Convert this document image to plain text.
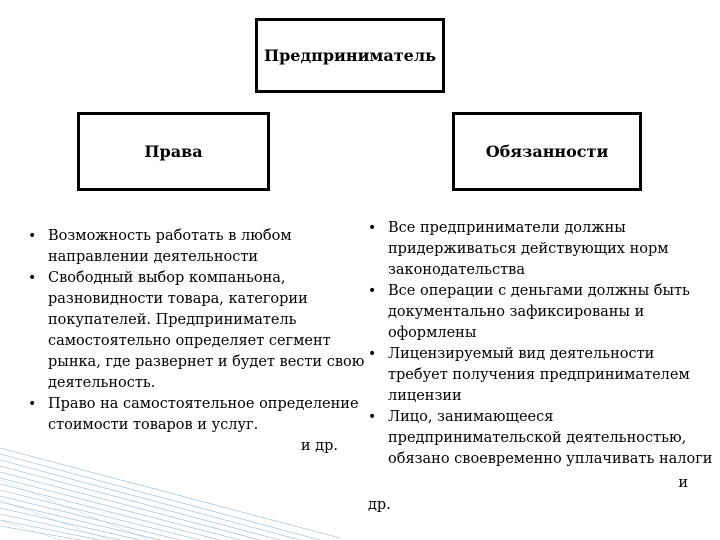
Предприниматель
Права	Обязанности
• Возможность работать в любом направлении деятельности
• Свободный выбор компаньона, разновидности товара, категории покупателей. Предприниматель самостоятельно определяет сегмент рынка, где развернет и будет вести свою деятельность.
• Право на самостоятельное определение стоимости товаров и услуг.
и др.
• Все предприниматели должны придерживаться действующих норм законодательства
• Все операции с деньгами должны быть документально зафиксированы и оформлены
• Лицензируемый вид деятельности требует получения предпринимателем лицензии
• Лицо, занимающееся предпринимательской деятельностью, обязано своевременно уплачивать налоги
и
др.
